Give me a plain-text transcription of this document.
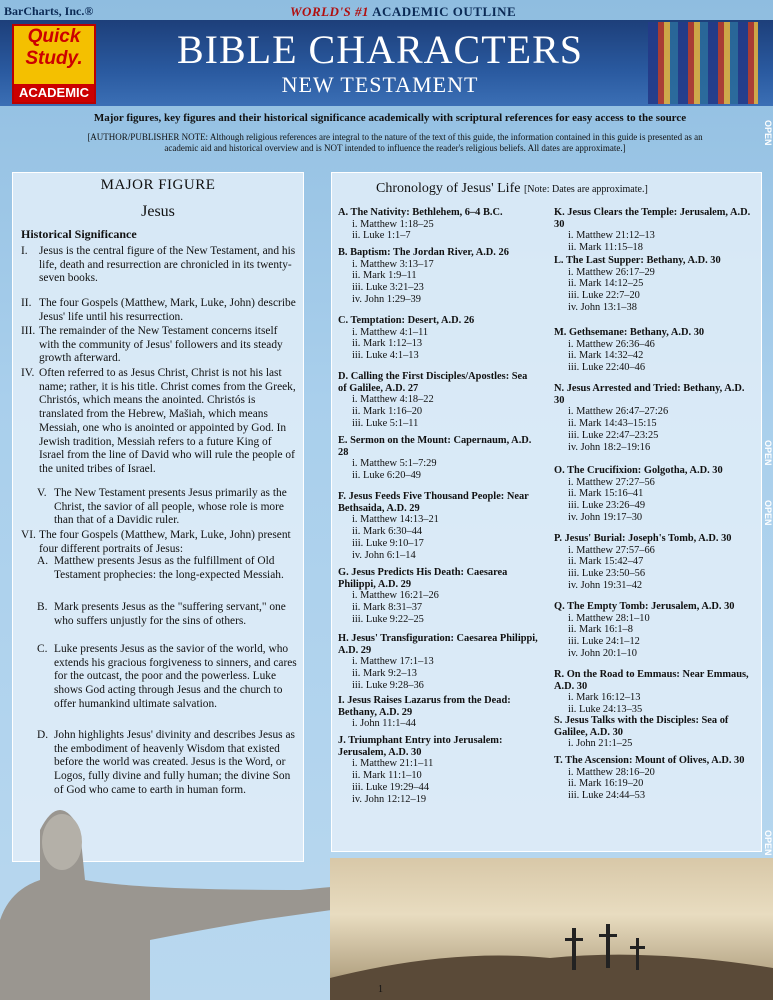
BarCharts, Inc.®	WORLD'S #1 ACADEMIC OUTLINE
Quick
Study.
ACADEMIC
BIBLE CHARACTERS
NEW TESTAMENT
Major figures, key figures and their historical significance academically with scriptural references for easy access to the source
[AUTHOR/PUBLISHER NOTE: Although religious references are integral to the nature of the text of this guide, the information contained in this guide is presented as an academic aid and historical overview and is NOT intended to influence the reader's religious beliefs. All dates are approximate.]
OPEN
OPEN
OPEN
OPEN
MAJOR FIGURE
Jesus
Historical Significance
I. Jesus is the central figure of the New Testament, and his life, death and resurrection are chronicled in its twenty-seven books.
II. The four Gospels (Matthew, Mark, Luke, John) describe Jesus' life until his resurrection.
III. The remainder of the New Testament concerns itself with the community of Jesus' followers and its steady growth afterward.
IV. Often referred to as Jesus Christ, Christ is not his last name; rather, it is his title. Christ comes from the Greek, Christós, which means the anointed. Christós is translated from the Hebrew, Mašiah, which means Messiah, one who is anointed or appointed by God. In Jewish tradition, Messiah refers to a future King of Israel from the line of David who will rule the people of the united tribes of Israel.
V. The New Testament presents Jesus primarily as the Christ, the savior of all people, whose role is more than that of a Davidic ruler.
VI. The four Gospels (Matthew, Mark, Luke, John) present four different portraits of Jesus:
A. Matthew presents Jesus as the fulfillment of Old Testament prophecies: the long-expected Messiah.
B. Mark presents Jesus as the "suffering servant," one who suffers unjustly for the sins of others.
C. Luke presents Jesus as the savior of the world, who extends his gracious forgiveness to sinners, and cares for the outcast, the poor and the powerless. Luke shows God acting through Jesus and the church to offer humankind ultimate salvation.
D. John highlights Jesus' divinity and describes Jesus as the embodiment of heavenly Wisdom that existed before the world was created. Jesus is the Word, or Logos, fully divine and fully human; the divine Son of God who came to earth in human form.
Chronology of Jesus' Life [Note: Dates are approximate.]
A. The Nativity: Bethlehem, 6–4 B.C.
i. Matthew 1:18–25
ii. Luke 1:1–7
B. Baptism: The Jordan River, A.D. 26
i. Matthew 3:13–17
ii. Mark 1:9–11
iii. Luke 3:21–23
iv. John 1:29–39
C. Temptation: Desert, A.D. 26
i. Matthew 4:1–11
ii. Mark 1:12–13
iii. Luke 4:1–13
D. Calling the First Disciples/Apostles: Sea of Galilee, A.D. 27
i. Matthew 4:18–22
ii. Mark 1:16–20
iii. Luke 5:1–11
E. Sermon on the Mount: Capernaum, A.D. 28
i. Matthew 5:1–7:29
ii. Luke 6:20–49
F. Jesus Feeds Five Thousand People: Near Bethsaida, A.D. 29
i. Matthew 14:13–21
ii. Mark 6:30–44
iii. Luke 9:10–17
iv. John 6:1–14
G. Jesus Predicts His Death: Caesarea Philippi, A.D. 29
i. Matthew 16:21–26
ii. Mark 8:31–37
iii. Luke 9:22–25
H. Jesus' Transfiguration: Caesarea Philippi, A.D. 29
i. Matthew 17:1–13
ii. Mark 9:2–13
iii. Luke 9:28–36
I. Jesus Raises Lazarus from the Dead: Bethany, A.D. 29
i. John 11:1–44
J. Triumphant Entry into Jerusalem: Jerusalem, A.D. 30
i. Matthew 21:1–11
ii. Mark 11:1–10
iii. Luke 19:29–44
iv. John 12:12–19
K. Jesus Clears the Temple: Jerusalem, A.D. 30
i. Matthew 21:12–13
ii. Mark 11:15–18
L. The Last Supper: Bethany, A.D. 30
i. Matthew 26:17–29
ii. Mark 14:12–25
iii. Luke 22:7–20
iv. John 13:1–38
M. Gethsemane: Bethany, A.D. 30
i. Matthew 26:36–46
ii. Mark 14:32–42
iii. Luke 22:40–46
N. Jesus Arrested and Tried: Bethany, A.D. 30
i. Matthew 26:47–27:26
ii. Mark 14:43–15:15
iii. Luke 22:47–23:25
iv. John 18:2–19:16
O. The Crucifixion: Golgotha, A.D. 30
i. Matthew 27:27–56
ii. Mark 15:16–41
iii. Luke 23:26–49
iv. John 19:17–30
P. Jesus' Burial: Joseph's Tomb, A.D. 30
i. Matthew 27:57–66
ii. Mark 15:42–47
iii. Luke 23:50–56
iv. John 19:31–42
Q. The Empty Tomb: Jerusalem, A.D. 30
i. Matthew 28:1–10
ii. Mark 16:1–8
iii. Luke 24:1–12
iv. John 20:1–10
R. On the Road to Emmaus: Near Emmaus, A.D. 30
i. Mark 16:12–13
ii. Luke 24:13–35
S. Jesus Talks with the Disciples: Sea of Galilee, A.D. 30
i. John 21:1–25
T. The Ascension: Mount of Olives, A.D. 30
i. Matthew 28:16–20
ii. Mark 16:19–20
iii. Luke 24:44–53
1
